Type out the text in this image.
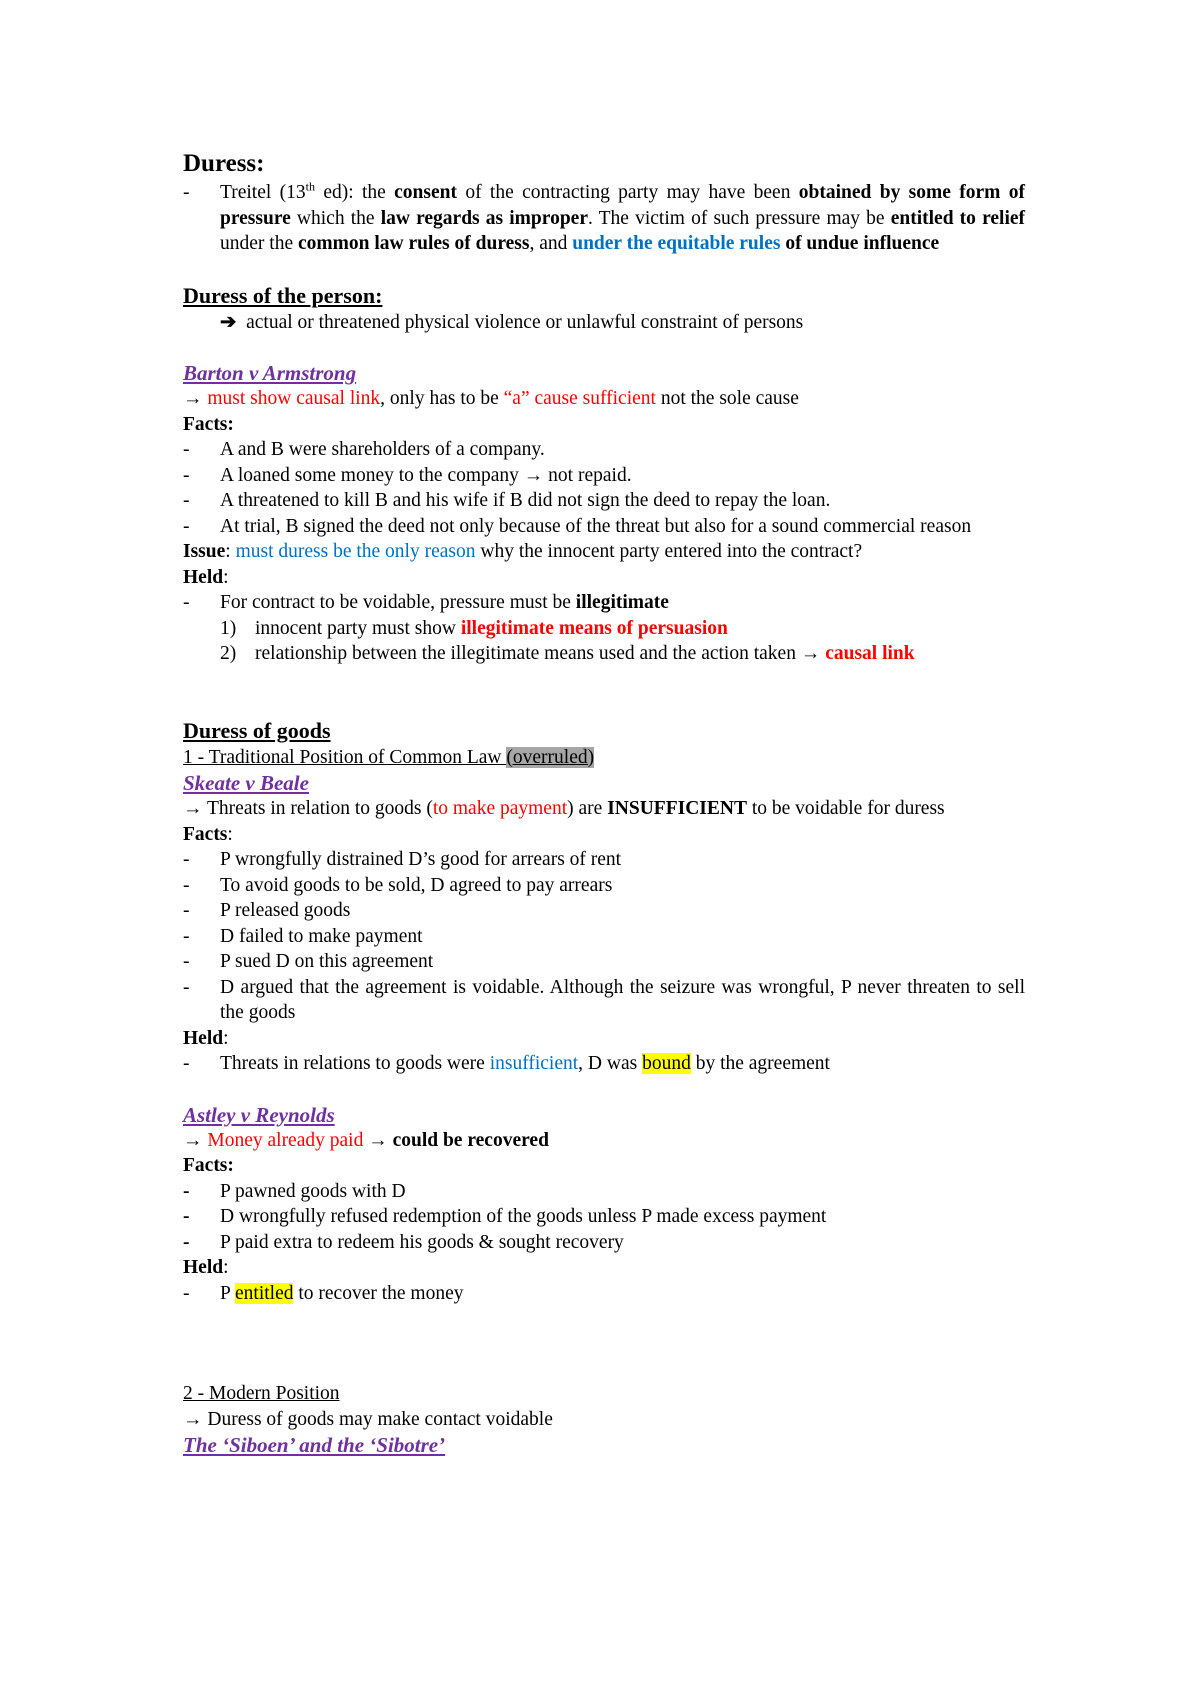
Duress:
- Treitel (13th ed): the consent of the contracting party may have been obtained by some form of pressure which the law regards as improper. The victim of such pressure may be entitled to relief under the common law rules of duress, and under the equitable rules of undue influence
Duress of the person:
➔ actual or threatened physical violence or unlawful constraint of persons
Barton v Armstrong
→ must show causal link, only has to be “a” cause sufficient not the sole cause
Facts:
- A and B were shareholders of a company.
- A loaned some money to the company → not repaid.
- A threatened to kill B and his wife if B did not sign the deed to repay the loan.
- At trial, B signed the deed not only because of the threat but also for a sound commercial reason
Issue: must duress be the only reason why the innocent party entered into the contract?
Held:
- For contract to be voidable, pressure must be illegitimate
1) innocent party must show illegitimate means of persuasion
2) relationship between the illegitimate means used and the action taken → causal link
Duress of goods
1 - Traditional Position of Common Law (overruled)
Skeate v Beale
→ Threats in relation to goods (to make payment) are INSUFFICIENT to be voidable for duress
Facts:
- P wrongfully distrained D’s good for arrears of rent
- To avoid goods to be sold, D agreed to pay arrears
- P released goods
- D failed to make payment
- P sued D on this agreement
- D argued that the agreement is voidable. Although the seizure was wrongful, P never threaten to sell the goods
Held:
- Threats in relations to goods were insufficient, D was bound by the agreement
Astley v Reynolds
→ Money already paid → could be recovered
Facts:
- P pawned goods with D
- D wrongfully refused redemption of the goods unless P made excess payment
- P paid extra to redeem his goods & sought recovery
Held:
- P entitled to recover the money
2 - Modern Position
→ Duress of goods may make contact voidable
The ‘Siboen’ and the ‘Sibotre’
